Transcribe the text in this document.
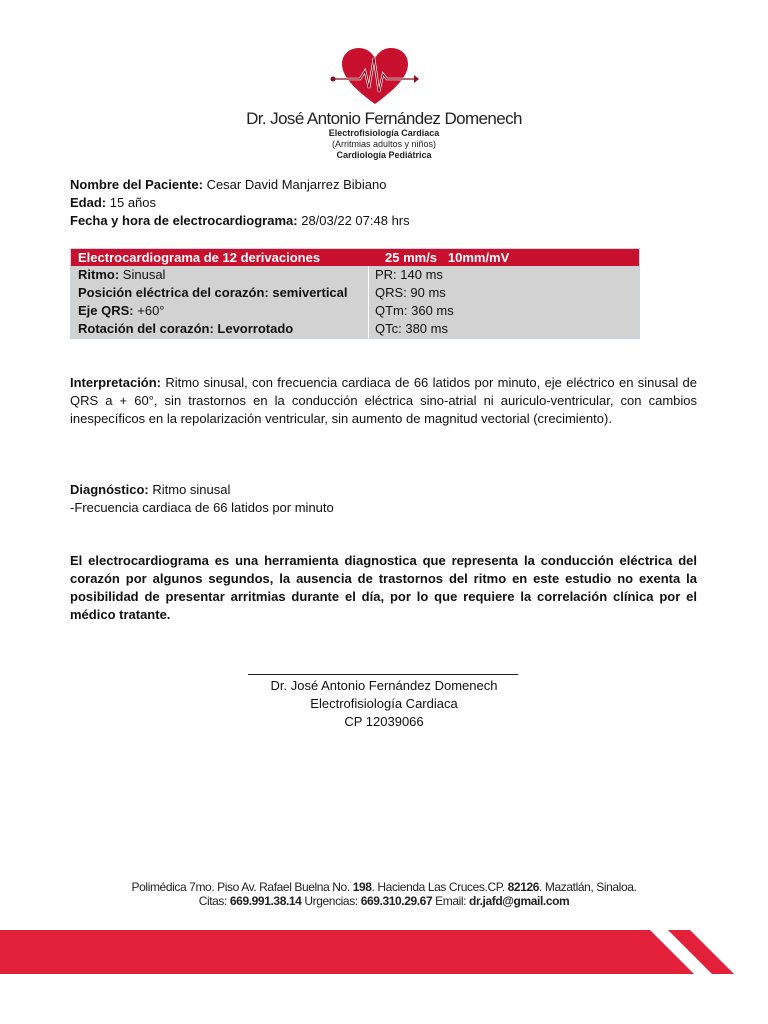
Dr. José Antonio Fernández Domenech
Electrofisiología Cardiaca
(Arritmias adultos y niños)
Cardiología Pediátrica
Nombre del Paciente: Cesar David Manjarrez Bibiano
Edad: 15 años
Fecha y hora de electrocardiograma: 28/03/22 07:48 hrs
Electrocardiograma de 12 derivaciones	25 mm/s   10mm/mV
Ritmo: Sinusal
Posición eléctrica del corazón: semivertical
Eje QRS: +60°
Rotación del corazón: Levorrotado
PR: 140 ms
QRS: 90 ms
QTm: 360 ms
QTc: 380 ms
Interpretación: Ritmo sinusal, con frecuencia cardiaca de 66 latidos por minuto, eje eléctrico en sinusal de QRS a + 60°, sin trastornos en la conducción eléctrica sino-atrial ni auriculo-ventricular, con cambios inespecíficos en la repolarización ventricular, sin aumento de magnitud vectorial (crecimiento).
Diagnóstico: Ritmo sinusal
-Frecuencia cardiaca de 66 latidos por minuto
El electrocardiograma es una herramienta diagnostica que representa la conducción eléctrica del corazón por algunos segundos, la ausencia de trastornos del ritmo en este estudio no exenta la posibilidad de presentar arritmias durante el día, por lo que requiere la correlación clínica por el médico tratante.
Dr. José Antonio Fernández Domenech
Electrofisiología Cardiaca
CP 12039066
Polimédica 7mo. Piso Av. Rafael Buelna No. 198. Hacienda Las Cruces.CP. 82126. Mazatlán, Sinaloa.
Citas: 669.991.38.14 Urgencias: 669.310.29.67 Email: dr.jafd@gmail.com
